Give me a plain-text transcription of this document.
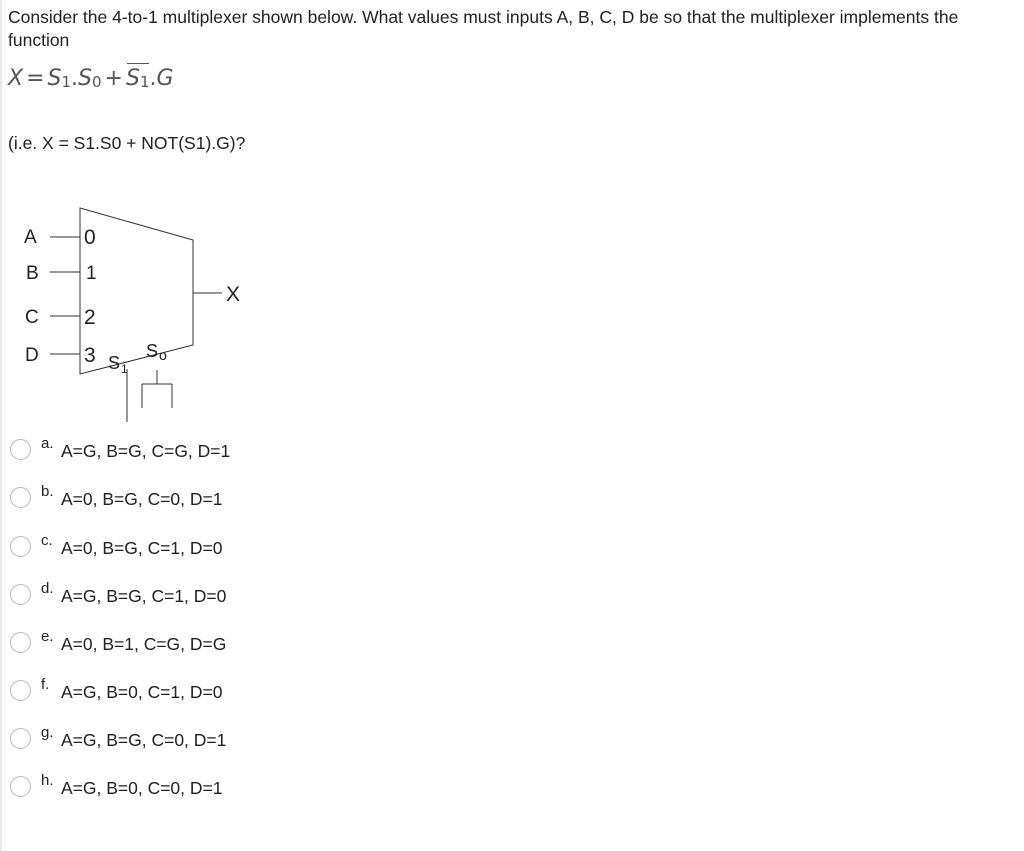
Consider the 4-to-1 multiplexer shown below. What values must inputs A, B, C, D be so that the multiplexer implements the function
$X = S_1$ . $S_0 + S_1$ . G
(i.e. X = S1.S0 + NOT(S1).G)?
A
B
C
D
0
1
2
3
X
S 1
S o
a. A=G, B=G, C=G, D=1
b. A=0, B=G, C=0, D=1
c. A=0, B=G, C=1, D=0
d. A=G, B=G, C=1, D=0
e. A=0, B=1, C=G, D=G
f. A=G, B=0, C=1, D=0
g. A=G, B=G, C=0, D=1
h. A=G, B=0, C=0, D=1
